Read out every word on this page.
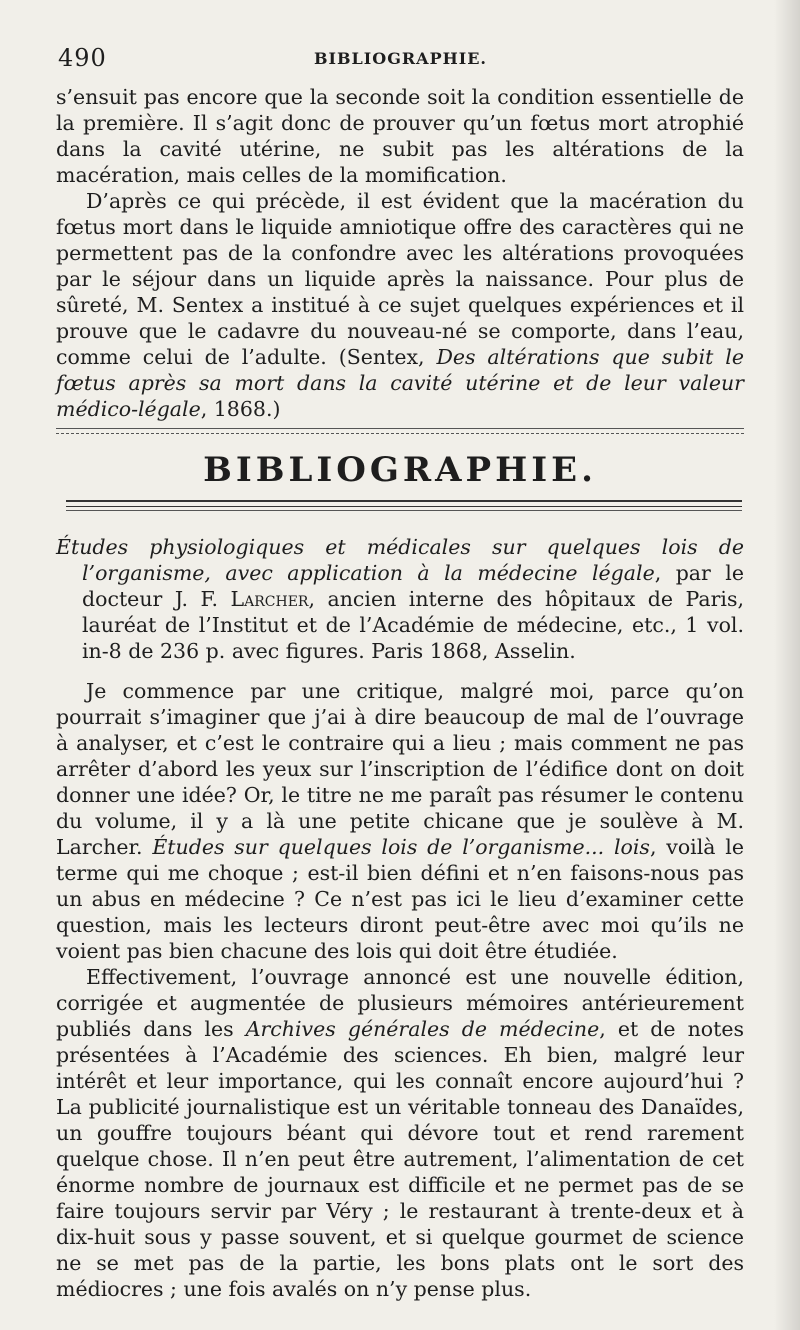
490	BIBLIOGRAPHIE.

s’ensuit pas encore que la seconde soit la condition essentielle de la première. Il s’agit donc de prouver qu’un fœtus mort atrophié dans la cavité utérine, ne subit pas les altérations de la macération, mais celles de la momification.

D’après ce qui précède, il est évident que la macération du fœtus mort dans le liquide amniotique offre des caractères qui ne permettent pas de la confondre avec les altérations provoquées par le séjour dans un liquide après la naissance. Pour plus de sûreté, M. Sentex a institué à ce sujet quelques expériences et il prouve que le cadavre du nouveau-né se comporte, dans l’eau, comme celui de l’adulte. (Sentex, Des altérations que subit le fœtus après sa mort dans la cavité utérine et de leur valeur médico-légale, 1868.)

BIBLIOGRAPHIE.

Études physiologiques et médicales sur quelques lois de l’organisme, avec application à la médecine légale, par le docteur J. F. Larcher, ancien interne des hôpitaux de Paris, lauréat de l’Institut et de l’Académie de médecine, etc., 1 vol. in-8 de 236 p. avec figures. Paris 1868, Asselin.

Je commence par une critique, malgré moi, parce qu’on pourrait s’imaginer que j’ai à dire beaucoup de mal de l’ouvrage à analyser, et c’est le contraire qui a lieu ; mais comment ne pas arrêter d’abord les yeux sur l’inscription de l’édifice dont on doit donner une idée? Or, le titre ne me paraît pas résumer le contenu du volume, il y a là une petite chicane que je soulève à M. Larcher. Études sur quelques lois de l’organisme... lois, voilà le terme qui me choque ; est-il bien défini et n’en faisons-nous pas un abus en médecine ? Ce n’est pas ici le lieu d’examiner cette question, mais les lecteurs diront peut-être avec moi qu’ils ne voient pas bien chacune des lois qui doit être étudiée.

Effectivement, l’ouvrage annoncé est une nouvelle édition, corrigée et augmentée de plusieurs mémoires antérieurement publiés dans les Archives générales de médecine, et de notes présentées à l’Académie des sciences. Eh bien, malgré leur intérêt et leur importance, qui les connaît encore aujourd’hui ? La publicité journalistique est un véritable tonneau des Danaïdes, un gouffre toujours béant qui dévore tout et rend rarement quelque chose. Il n’en peut être autrement, l’alimentation de cet énorme nombre de journaux est difficile et ne permet pas de se faire toujours servir par Véry ; le restaurant à trente-deux et à dix-huit sous y passe souvent, et si quelque gourmet de science ne se met pas de la partie, les bons plats ont le sort des médiocres ; une fois avalés on n’y pense plus.
